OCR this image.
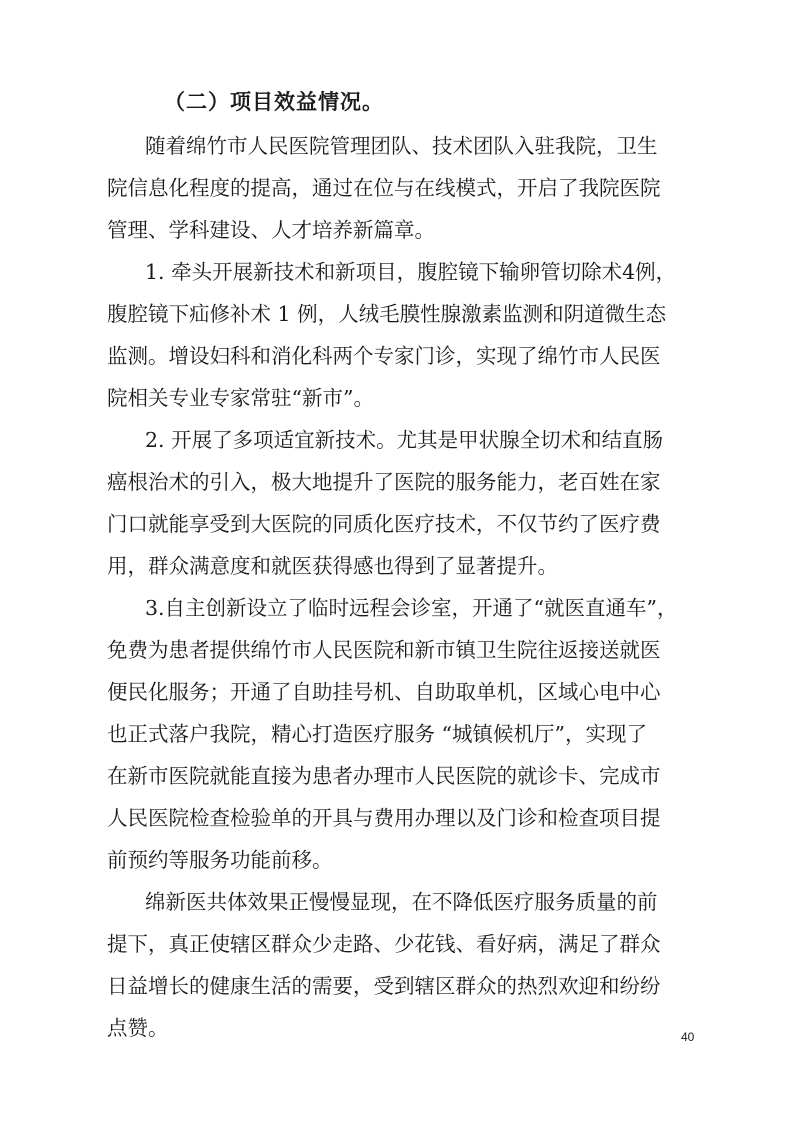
（二）项目效益情况。
随着绵竹市人民医院管理团队、技术团队入驻我院，卫生
院信息化程度的提高，通过在位与在线模式，开启了我院医院
管理、学科建设、人才培养新篇章。
1. 牵头开展新技术和新项目，腹腔镜下输卵管切除术4例，
腹腔镜下疝修补术 1 例，人绒毛膜性腺激素监测和阴道微生态
监测。增设妇科和消化科两个专家门诊，实现了绵竹市人民医
院相关专业专家常驻“新市”。
2. 开展了多项适宜新技术。尤其是甲状腺全切术和结直肠
癌根治术的引入，极大地提升了医院的服务能力，老百姓在家
门口就能享受到大医院的同质化医疗技术，不仅节约了医疗费
用，群众满意度和就医获得感也得到了显著提升。
3.自主创新设立了临时远程会诊室，开通了“就医直通车”，
免费为患者提供绵竹市人民医院和新市镇卫生院往返接送就医
便民化服务；开通了自助挂号机、自助取单机，区域心电中心
也正式落户我院，精心打造医疗服务 “城镇候机厅”，实现了
在新市医院就能直接为患者办理市人民医院的就诊卡、完成市
人民医院检查检验单的开具与费用办理以及门诊和检查项目提
前预约等服务功能前移。
绵新医共体效果正慢慢显现，在不降低医疗服务质量的前
提下，真正使辖区群众少走路、少花钱、看好病，满足了群众
日益增长的健康生活的需要，受到辖区群众的热烈欢迎和纷纷
点赞。	40
